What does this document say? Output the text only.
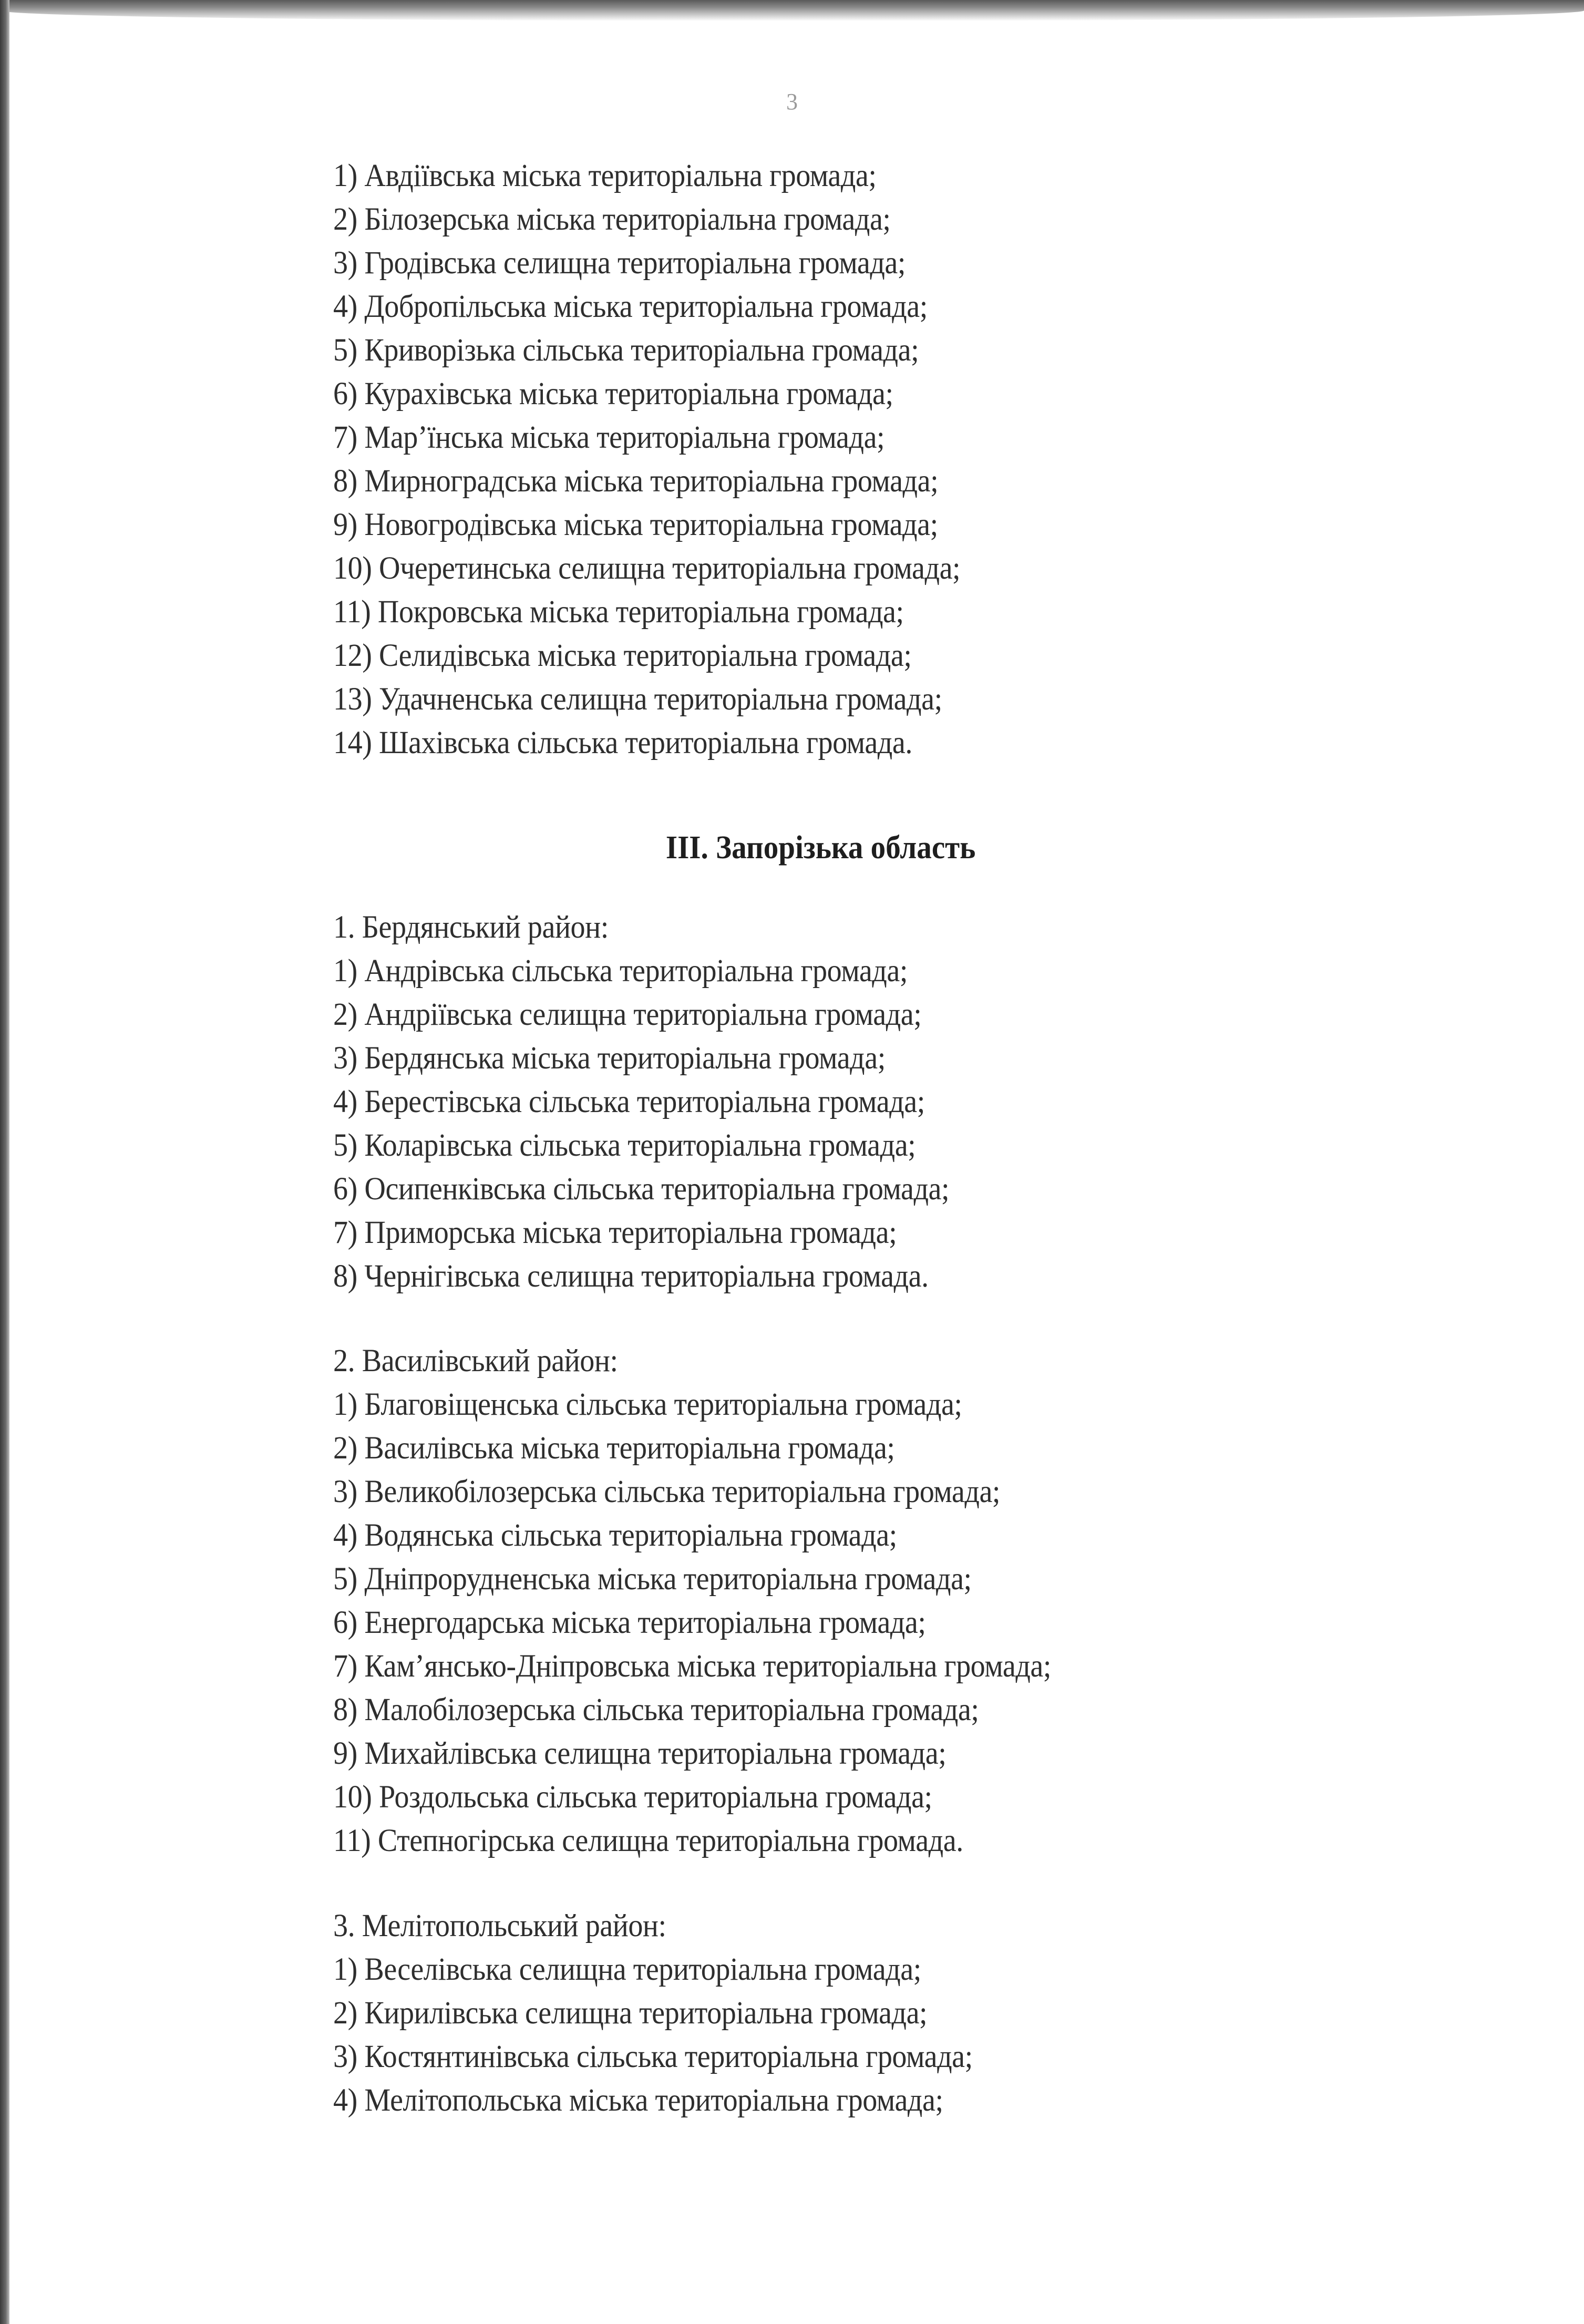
3
1) Авдіївська міська територіальна громада;
2) Білозерська міська територіальна громада;
3) Гродівська селищна територіальна громада;
4) Добропільська міська територіальна громада;
5) Криворізька сільська територіальна громада;
6) Курахівська міська територіальна громада;
7) Мар’їнська міська територіальна громада;
8) Мирноградська міська територіальна громада;
9) Новогродівська міська територіальна громада;
10) Очеретинська селищна територіальна громада;
11) Покровська міська територіальна громада;
12) Селидівська міська територіальна громада;
13) Удачненська селищна територіальна громада;
14) Шахівська сільська територіальна громада.
ІІІ. Запорізька область
1. Бердянський район:
1) Андрівська сільська територіальна громада;
2) Андріївська селищна територіальна громада;
3) Бердянська міська територіальна громада;
4) Берестівська сільська територіальна громада;
5) Коларівська сільська територіальна громада;
6) Осипенківська сільська територіальна громада;
7) Приморська міська територіальна громада;
8) Чернігівська селищна територіальна громада.
2. Василівський район:
1) Благовіщенська сільська територіальна громада;
2) Василівська міська територіальна громада;
3) Великобілозерська сільська територіальна громада;
4) Водянська сільська територіальна громада;
5) Дніпрорудненська міська територіальна громада;
6) Енергодарська міська територіальна громада;
7) Кам’янсько-Дніпровська міська територіальна громада;
8) Малобілозерська сільська територіальна громада;
9) Михайлівська селищна територіальна громада;
10) Роздольська сільська територіальна громада;
11) Степногірська селищна територіальна громада.
3. Мелітопольський район:
1) Веселівська селищна територіальна громада;
2) Кирилівська селищна територіальна громада;
3) Костянтинівська сільська територіальна громада;
4) Мелітопольська міська територіальна громада;
